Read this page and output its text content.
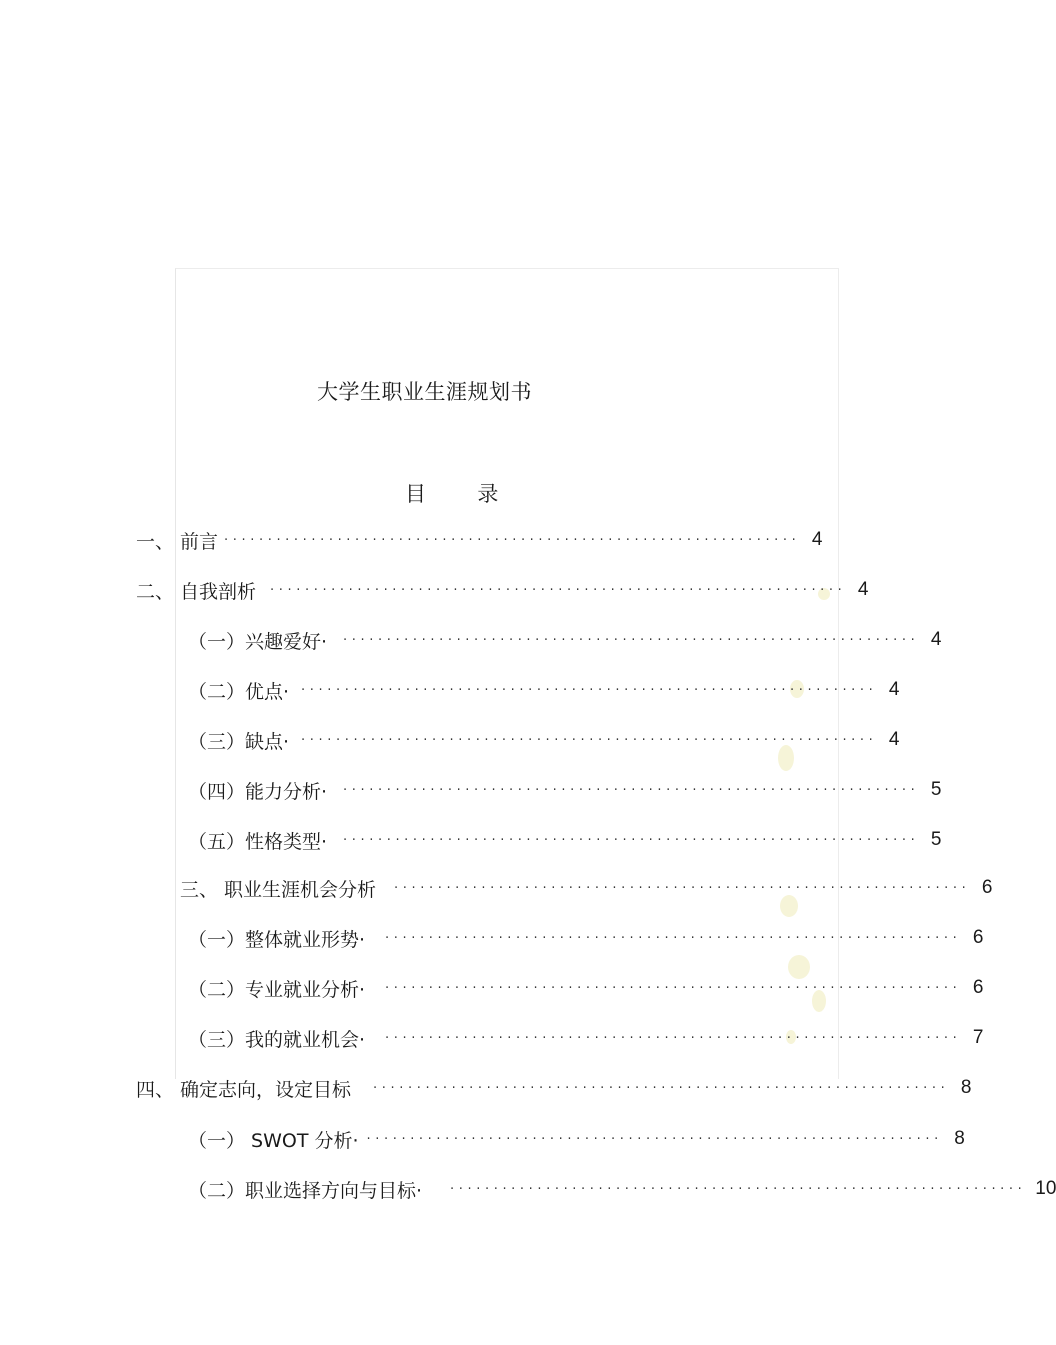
大学生职业生涯规划书
目 录
一、 前言 ·································································· 4
二、 自我剖析	·································································· 4
（一）兴趣爱好·	·································································· 4
（二）优点· ·································································· 4
（三）缺点· ·································································· 4
（四）能力分析·	·································································· 5
（五）性格类型·	·································································· 5
三、 职业生涯机会分析	·································································· 6
（一）整体就业形势·	·································································· 6
（二）专业就业分析·	·································································· 6
（三）我的就业机会·	·································································· 7
四、 确定志向，设定目标	·································································· 8
（一） SWOT 分析· ·································································· 8
（二）职业选择方向与目标·	·································································· 10
